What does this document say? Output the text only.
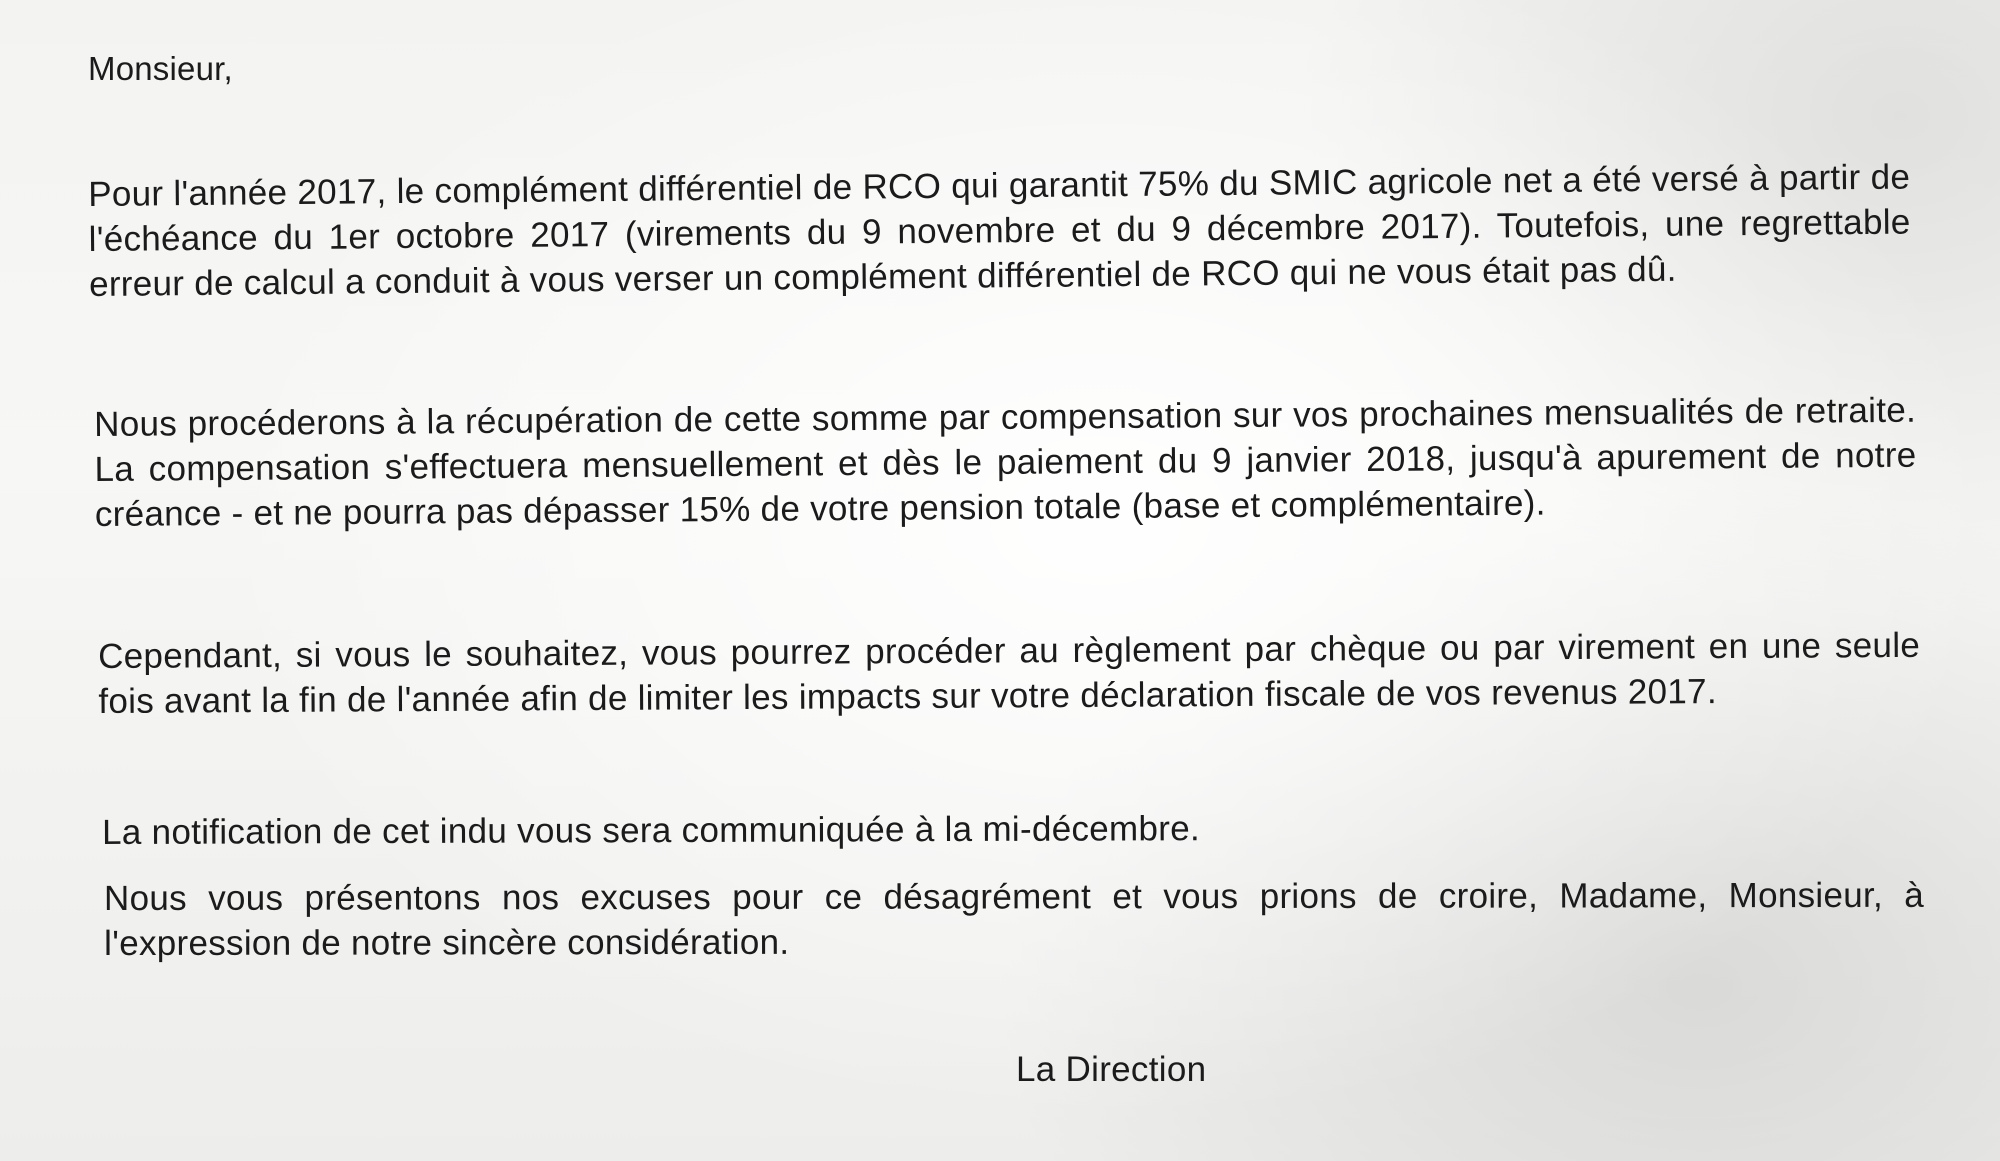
Monsieur,
Pour l'année 2017, le complément différentiel de RCO qui garantit 75% du SMIC agricole net a été versé à partir de l'échéance du 1er octobre 2017 (virements du 9 novembre et du 9 décembre 2017). Toutefois, une regrettable erreur de calcul a conduit à vous verser un complément différentiel de RCO qui ne vous était pas dû.
Nous procéderons à la récupération de cette somme par compensation sur vos prochaines mensualités de retraite. La compensation s'effectuera mensuellement et dès le paiement du 9 janvier 2018, jusqu'à apurement de notre créance - et ne pourra pas dépasser 15% de votre pension totale (base et complémentaire).
Cependant, si vous le souhaitez, vous pourrez procéder au règlement par chèque ou par virement en une seule fois avant la fin de l'année afin de limiter les impacts sur votre déclaration fiscale de vos revenus 2017.
La notification de cet indu vous sera communiquée à la mi-décembre.
Nous vous présentons nos excuses pour ce désagrément et vous prions de croire, Madame, Monsieur, à l'expression de notre sincère considération.
La Direction
